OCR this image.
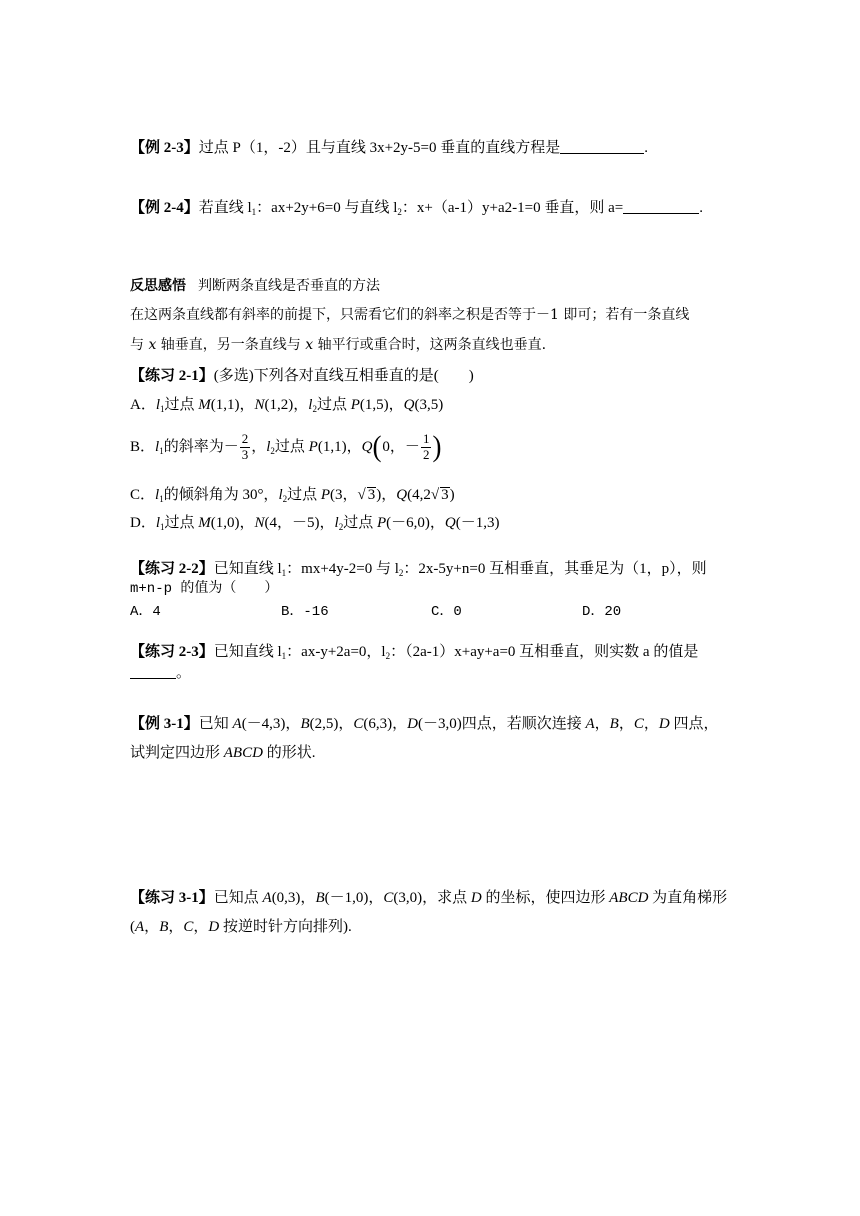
【例 2-3】过点 P（1，-2）且与直线 3x+2y-5=0 垂直的直线方程是	.
【例 2-4】若直线 $l_1$：ax+2y+6=0 与直线 $l_2$：x+（a-1）y+a2-1=0 垂直，则 a=	.
反思感悟 判断两条直线是否垂直的方法
在这两条直线都有斜率的前提下，只需看它们的斜率之积是否等于－1 即可；若有一条直线
与 x 轴垂直，另一条直线与 x 轴平行或重合时，这两条直线也垂直.
【练习 2-1】(多选)下列各对直线互相垂直的是(　　)
A．$l_1$过点 M(1,1)，N(1,2)，$l_2$过点 P(1,5)，Q(3,5)
B．$l_1$的斜率为－ $\frac{2}{3}$ ，$l_2$过点 P(1,1)，Q(0，－ $\frac{1}{2}$ )
C．$l_1$的倾斜角为 30°，$l_2$过点 P(3，√ 3)，Q(4,2√ 3)
D．$l_1$过点 M(1,0)，N(4，－5)，$l_2$过点 P(－6,0)，Q(－1,3)
【练习 2-2】已知直线 $l_1$：mx+4y-2=0 与 $l_2$：2x-5y+n=0 互相垂直，其垂足为（1，p），则
m+n-p 的值为（　　）
A．4	B．-16	C．0	D．20
【练习 2-3】已知直线 $l_1$：ax-y+2a=0，$l_2$：（2a-1）x+ay+a=0 互相垂直，则实数 a 的值是
。
【例 3-1】已知 A(－4,3)，B(2,5)，C(6,3)，D(－3,0)四点，若顺次连接 A，B，C，D 四点，
试判定四边形 ABCD 的形状.
【练习 3-1】已知点 A(0,3)，B(－1,0)，C(3,0)，求点 D 的坐标，使四边形 ABCD 为直角梯形
(A，B，C，D 按逆时针方向排列).
